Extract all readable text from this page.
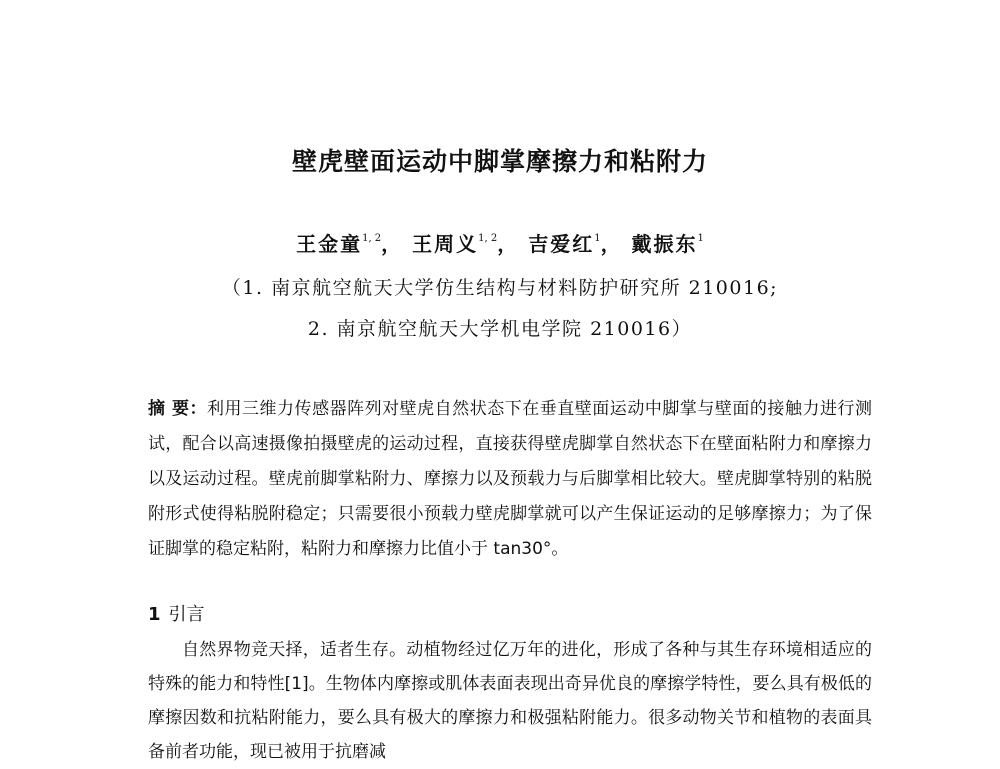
壁虎壁面运动中脚掌摩擦力和粘附力
王金童$^{1, 2}$， 王周义$^{1, 2}$， 吉爱红$^1$， 戴振东$^1$
（1. 南京航空航天大学仿生结构与材料防护研究所 210016;
2. 南京航空航天大学机电学院 210016）
摘 要：利用三维力传感器阵列对壁虎自然状态下在垂直壁面运动中脚掌与壁面的接触力进行测试，配合以高速摄像拍摄壁虎的运动过程，直接获得壁虎脚掌自然状态下在壁面粘附力和摩擦力以及运动过程。壁虎前脚掌粘附力、摩擦力以及预载力与后脚掌相比较大。壁虎脚掌特别的粘脱附形式使得粘脱附稳定；只需要很小预载力壁虎脚掌就可以产生保证运动的足够摩擦力；为了保证脚掌的稳定粘附，粘附力和摩擦力比值小于 tan30°。
1 引言
自然界物竞天择，适者生存。动植物经过亿万年的进化，形成了各种与其生存环境相适应的特殊的能力和特性[1]。生物体内摩擦或肌体表面表现出奇异优良的摩擦学特性，要么具有极低的摩擦因数和抗粘附能力，要么具有极大的摩擦力和极强粘附能力。很多动物关节和植物的表面具备前者功能，现已被用于抗磨减
